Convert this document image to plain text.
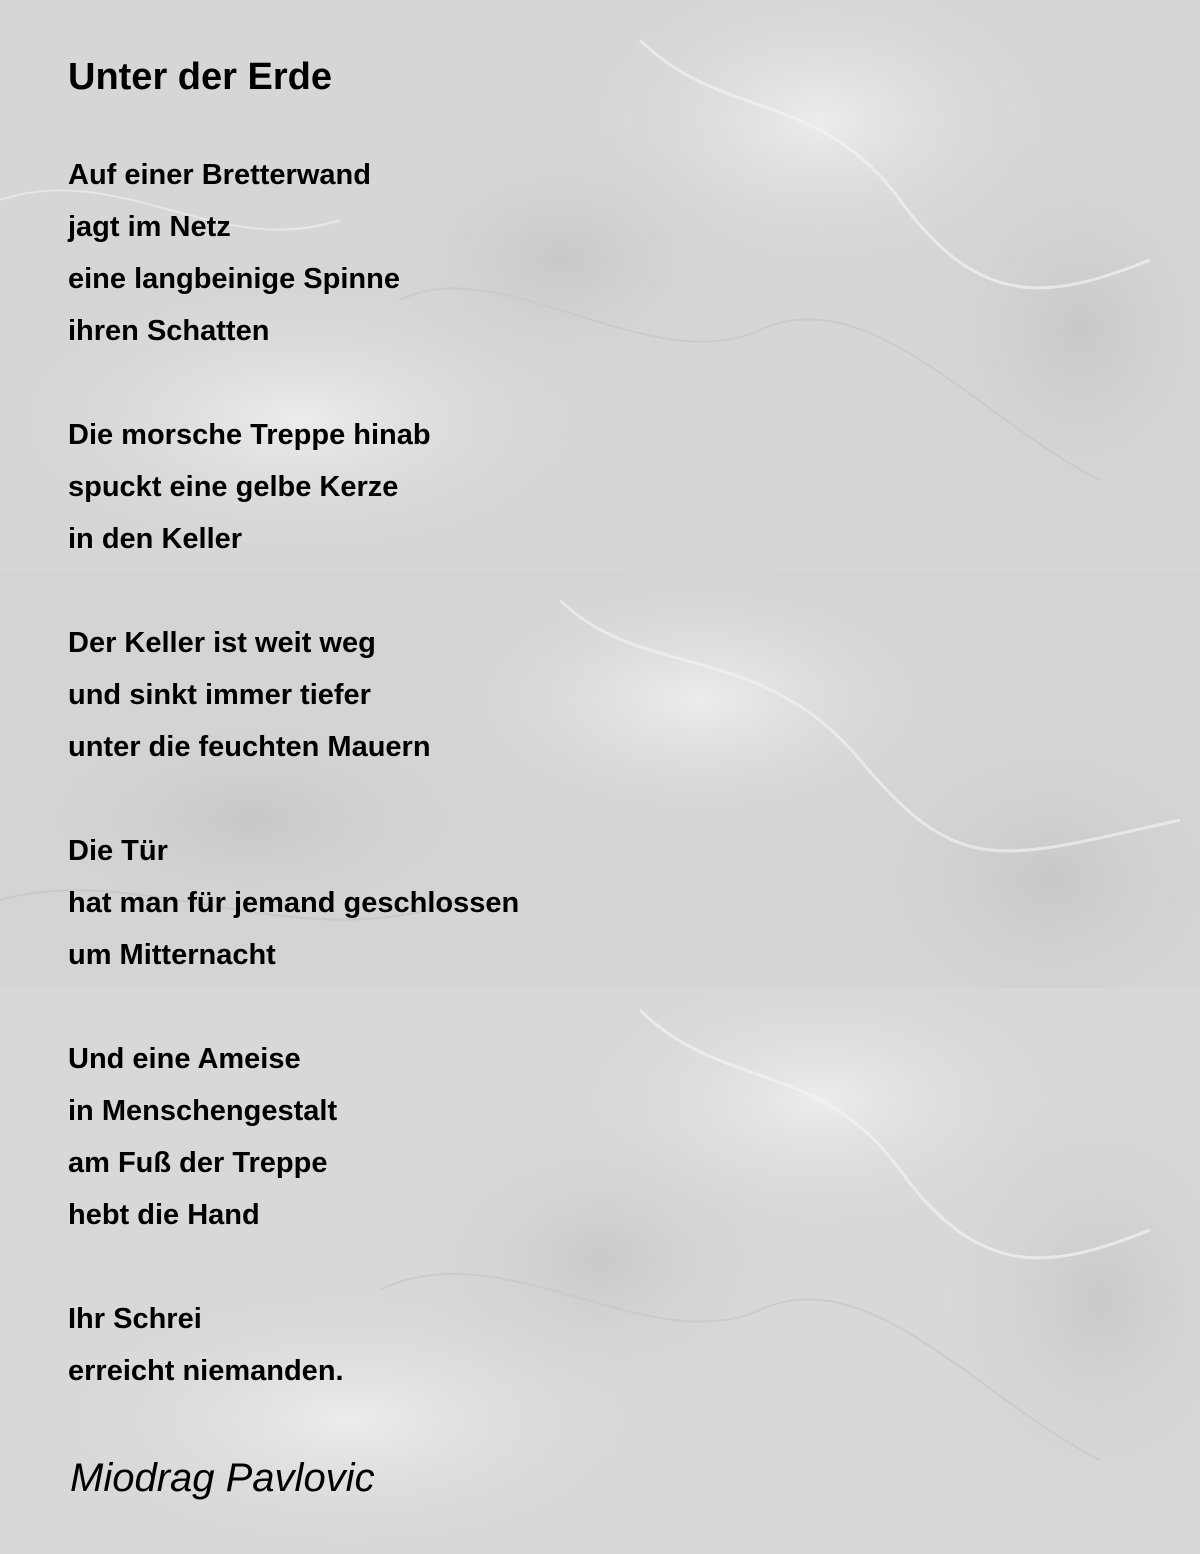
Unter der Erde
Auf einer Bretterwand
jagt im Netz
eine langbeinige Spinne
ihren Schatten
Die morsche Treppe hinab
spuckt eine gelbe Kerze
in den Keller
Der Keller ist weit weg
und sinkt immer tiefer
unter die feuchten Mauern
Die Tür
hat man für jemand geschlossen
um Mitternacht
Und eine Ameise
in Menschengestalt
am Fuß der Treppe
hebt die Hand
Ihr Schrei
erreicht niemanden.

Miodrag Pavlovic
